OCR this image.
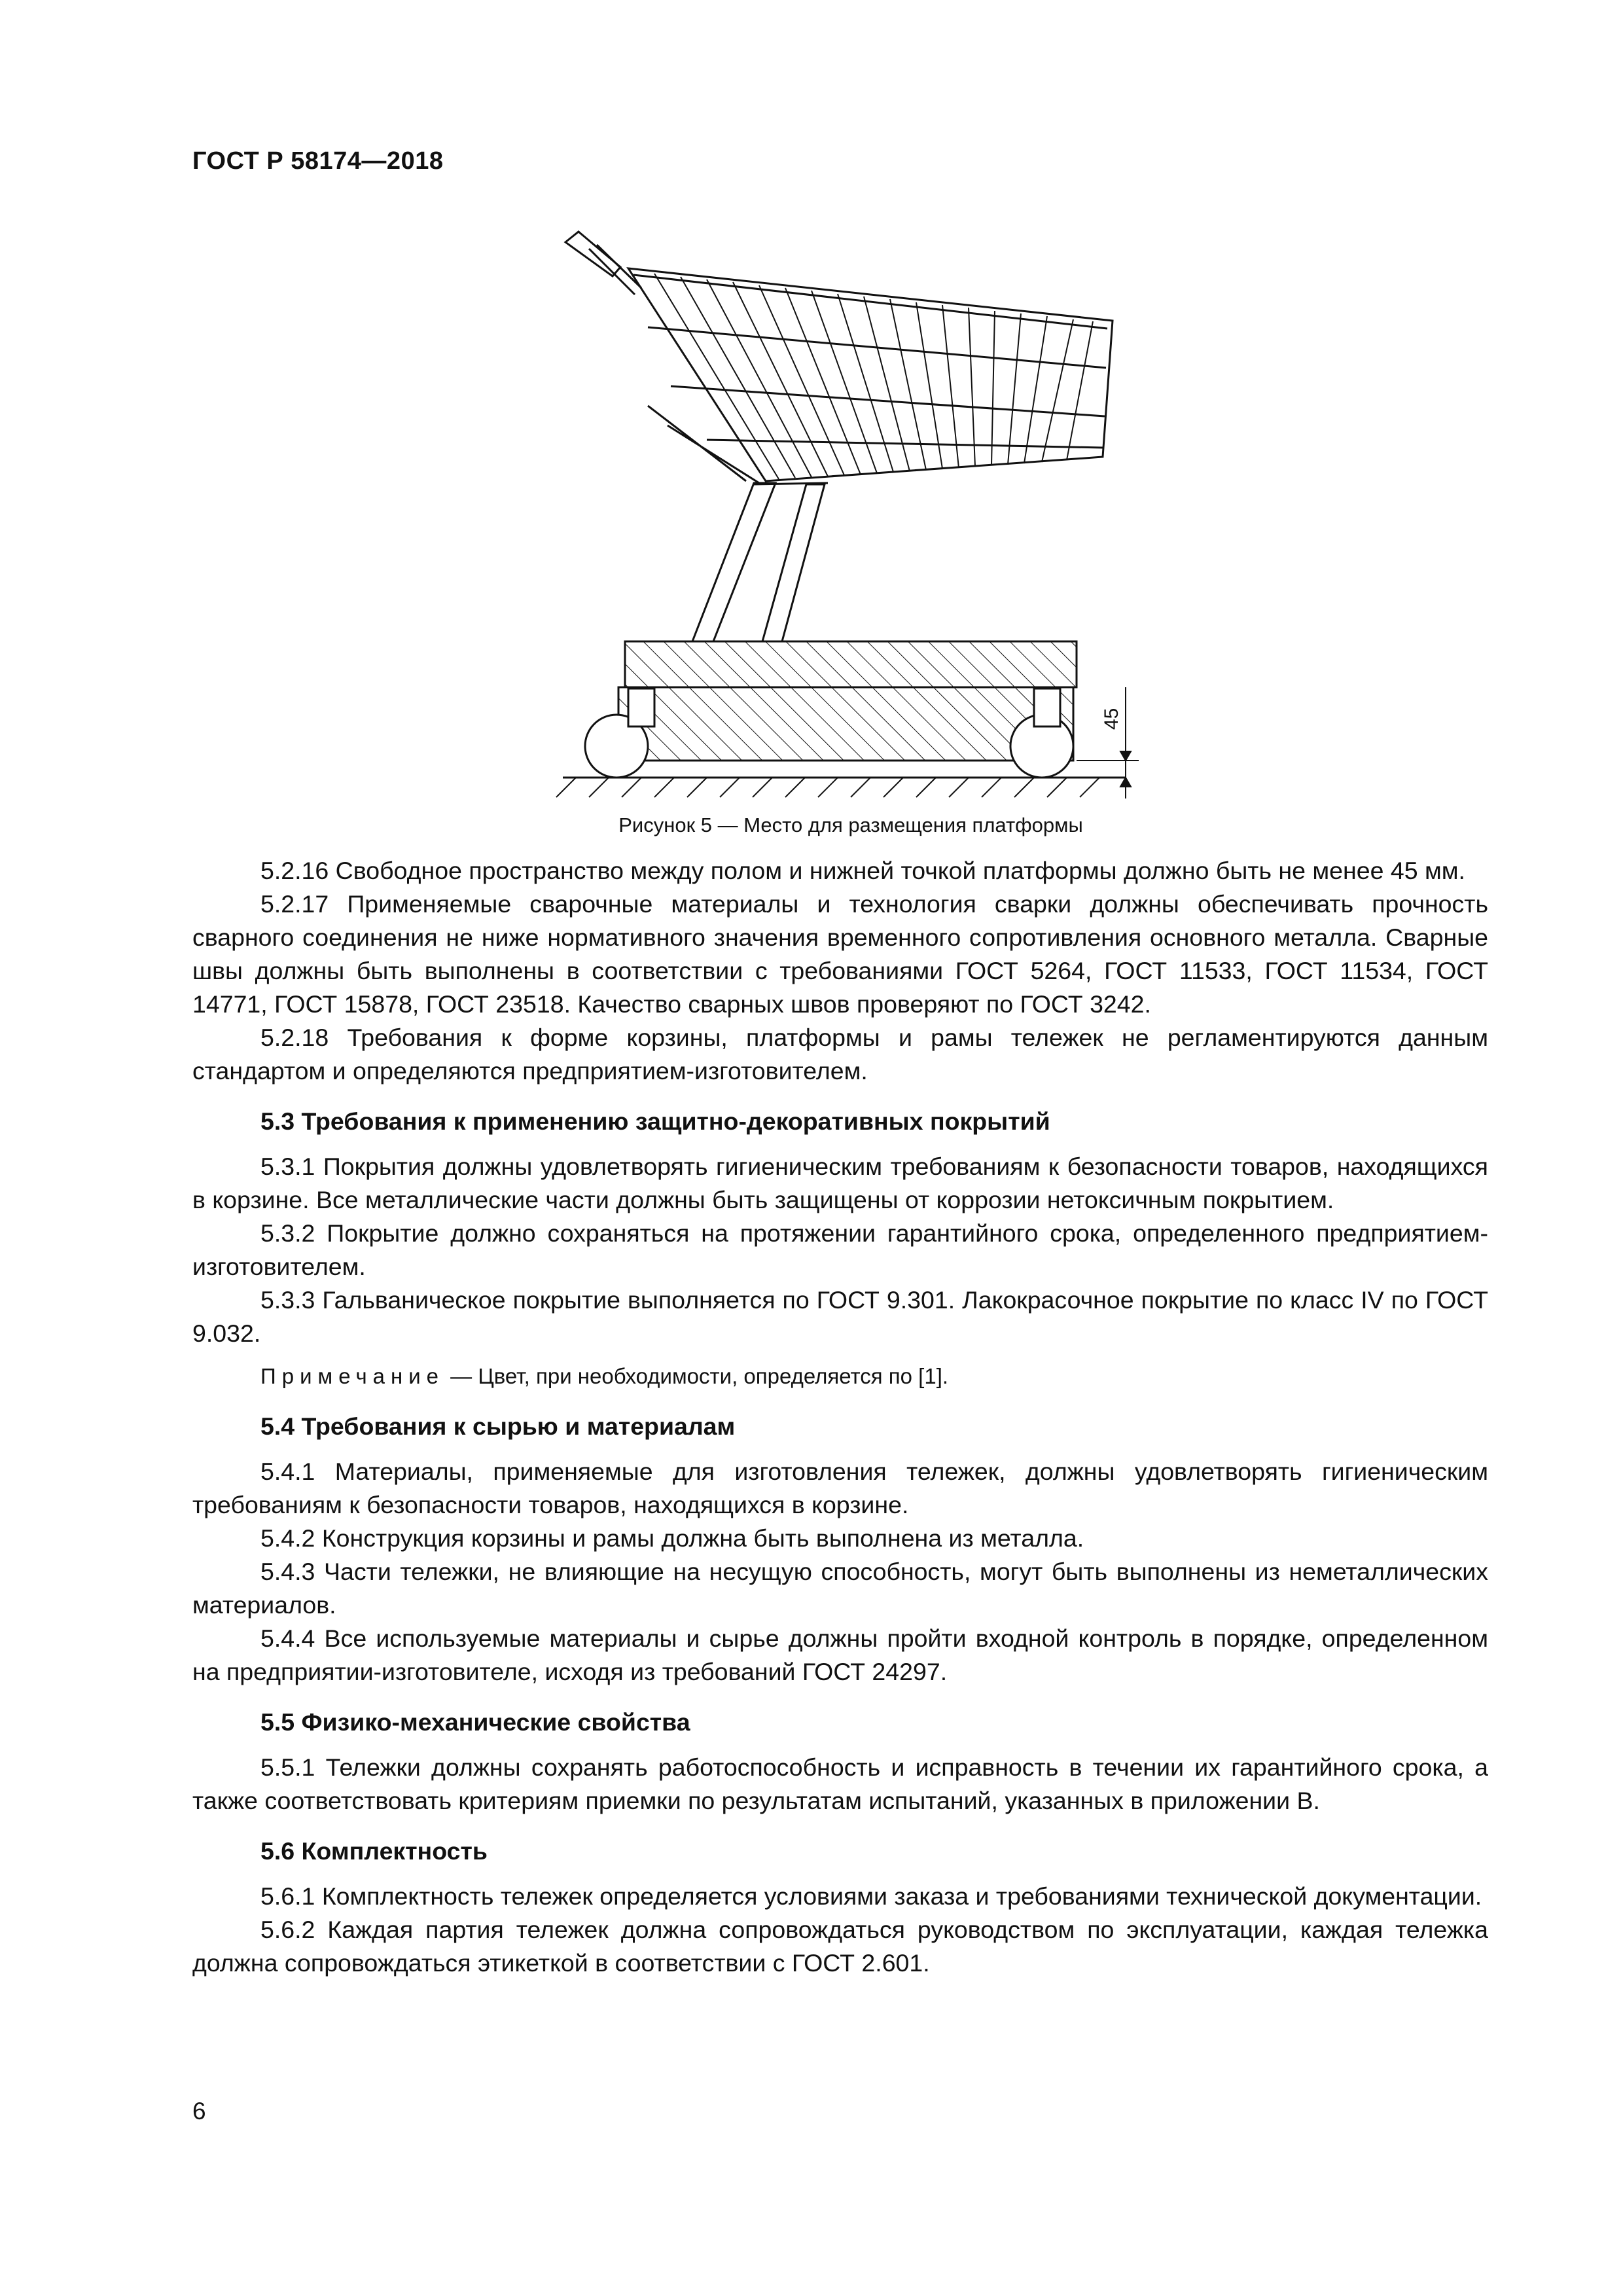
ГОСТ Р 58174—2018
45
Рисунок 5 — Место для размещения платформы

5.2.16 Свободное пространство между полом и нижней точкой платформы должно быть не менее 45 мм.

5.2.17 Применяемые сварочные материалы и технология сварки должны обеспечивать прочность сварного соединения не ниже нормативного значения временного сопротивления основного металла. Сварные швы должны быть выполнены в соответствии с требованиями ГОСТ 5264, ГОСТ 11533, ГОСТ 11534, ГОСТ 14771, ГОСТ 15878, ГОСТ 23518. Качество сварных швов проверяют по ГОСТ 3242.

5.2.18 Требования к форме корзины, платформы и рамы тележек не регламентируются данным стандартом и определяются предприятием-изготовителем.

5.3 Требования к применению защитно-декоративных покрытий

5.3.1 Покрытия должны удовлетворять гигиеническим требованиям к безопасности товаров, находящихся в корзине. Все металлические части должны быть защищены от коррозии нетоксичным покрытием.

5.3.2 Покрытие должно сохраняться на протяжении гарантийного срока, определенного предприятием-изготовителем.

5.3.3 Гальваническое покрытие выполняется по ГОСТ 9.301. Лакокрасочное покрытие по класс IV по ГОСТ 9.032.

Примечание — Цвет, при необходимости, определяется по [1].

5.4 Требования к сырью и материалам

5.4.1 Материалы, применяемые для изготовления тележек, должны удовлетворять гигиеническим требованиям к безопасности товаров, находящихся в корзине.

5.4.2 Конструкция корзины и рамы должна быть выполнена из металла.

5.4.3 Части тележки, не влияющие на несущую способность, могут быть выполнены из неметаллических материалов.

5.4.4 Все используемые материалы и сырье должны пройти входной контроль в порядке, определенном на предприятии-изготовителе, исходя из требований ГОСТ 24297.

5.5 Физико-механические свойства

5.5.1 Тележки должны сохранять работоспособность и исправность в течении их гарантийного срока, а также соответствовать критериям приемки по результатам испытаний, указанных в приложении В.

5.6 Комплектность

5.6.1 Комплектность тележек определяется условиями заказа и требованиями технической документации.

5.6.2 Каждая партия тележек должна сопровождаться руководством по эксплуатации, каждая тележка должна сопровождаться этикеткой в соответствии с ГОСТ 2.601.

6
